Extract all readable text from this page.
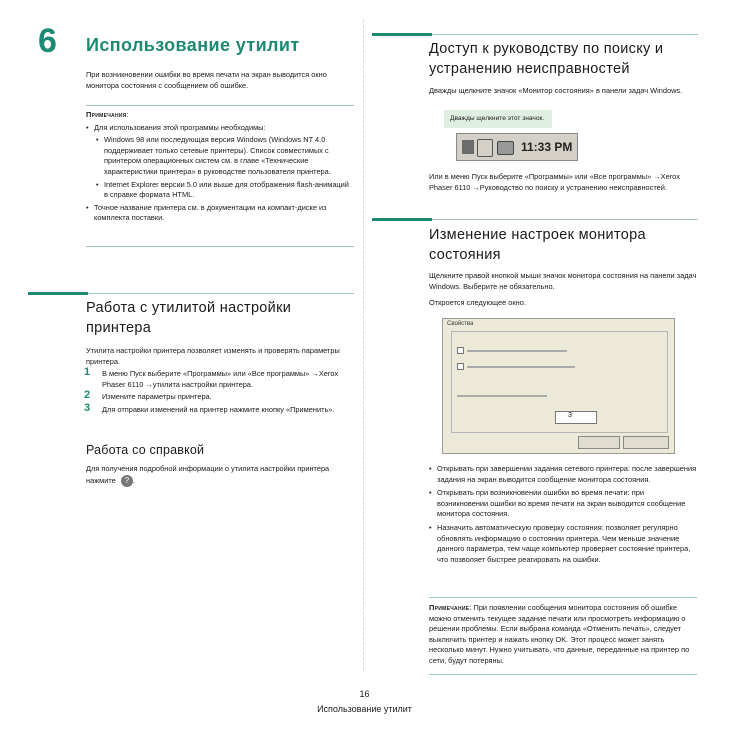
6 Использование утилит
При возникновении ошибки во время печати на экран выводится окно монитора состояния с сообщением об ошибке.
Примечания:
• Для использования этой программы необходимы:
• Windows 98 или последующая версия Windows (Windows NT 4.0 поддерживает только сетевые принтеры). Список совместимых с принтером операционных систем см. в главе «Технические характеристики принтера» в руководстве пользователя принтера.
• Internet Explorer версии 5.0 или выше для отображения flash-анимаций в справке формата HTML.
• Точное название принтера см. в документации на компакт-диске из комплекта поставки.
Работа с утилитой настройки принтера
Утилита настройки принтера позволяет изменять и проверять параметры принтера.
1 В меню Пуск выберите «Программы» или «Все программы» →Xerox Phaser 6110 →утилита настройки принтера.
2 Измените параметры принтера.
3 Для отправки изменений на принтер нажмите кнопку «Применить».
Работа со справкой
Для получения подробной информации о утилита настройки принтера нажмите ? .
Доступ к руководству по поиску и устранению неисправностей
Дважды щелкните значок «Монитор состояния» в панели задач Windows.
Дважды щелкните этот значок.
11:33 PM
Или в меню Пуск выберите «Программы» или «Все программы» →Xerox Phaser 6110 →Руководство по поиску и устранению неисправностей.
Изменение настроек монитора состояния
Щелкните правой кнопкой мыши значок монитора состояния на панели задач Windows. Выберите не обязательно.
Откроется следующее окно.
Свойства
3
• Открывать при завершении задания сетевого принтера: после завершения задания на экран выводится сообщение монитора состояния.
• Открывать при возникновении ошибки во время печати: при возникновении ошибки во время печати на экран выводится сообщение монитора состояния.
• Назначить автоматическую проверку состояния: позволяет регулярно обновлять информацию о состоянии принтера. Чем меньше значение данного параметра, тем чаще компьютер проверяет состояние принтера, что позволяет быстрее реагировать на ошибки.
Примечание: При появлении сообщения монитора состояния об ошибке можно отменить текущее задание печати или просмотреть информацию о решении проблемы. Если выбрана команда «Отменить печать», следует выключить принтер и нажать кнопку OK. Этот процесс может занять несколько минут. Нужно учитывать, что данные, переданные на принтер по сети, будут потеряны.
16
Использование утилит
